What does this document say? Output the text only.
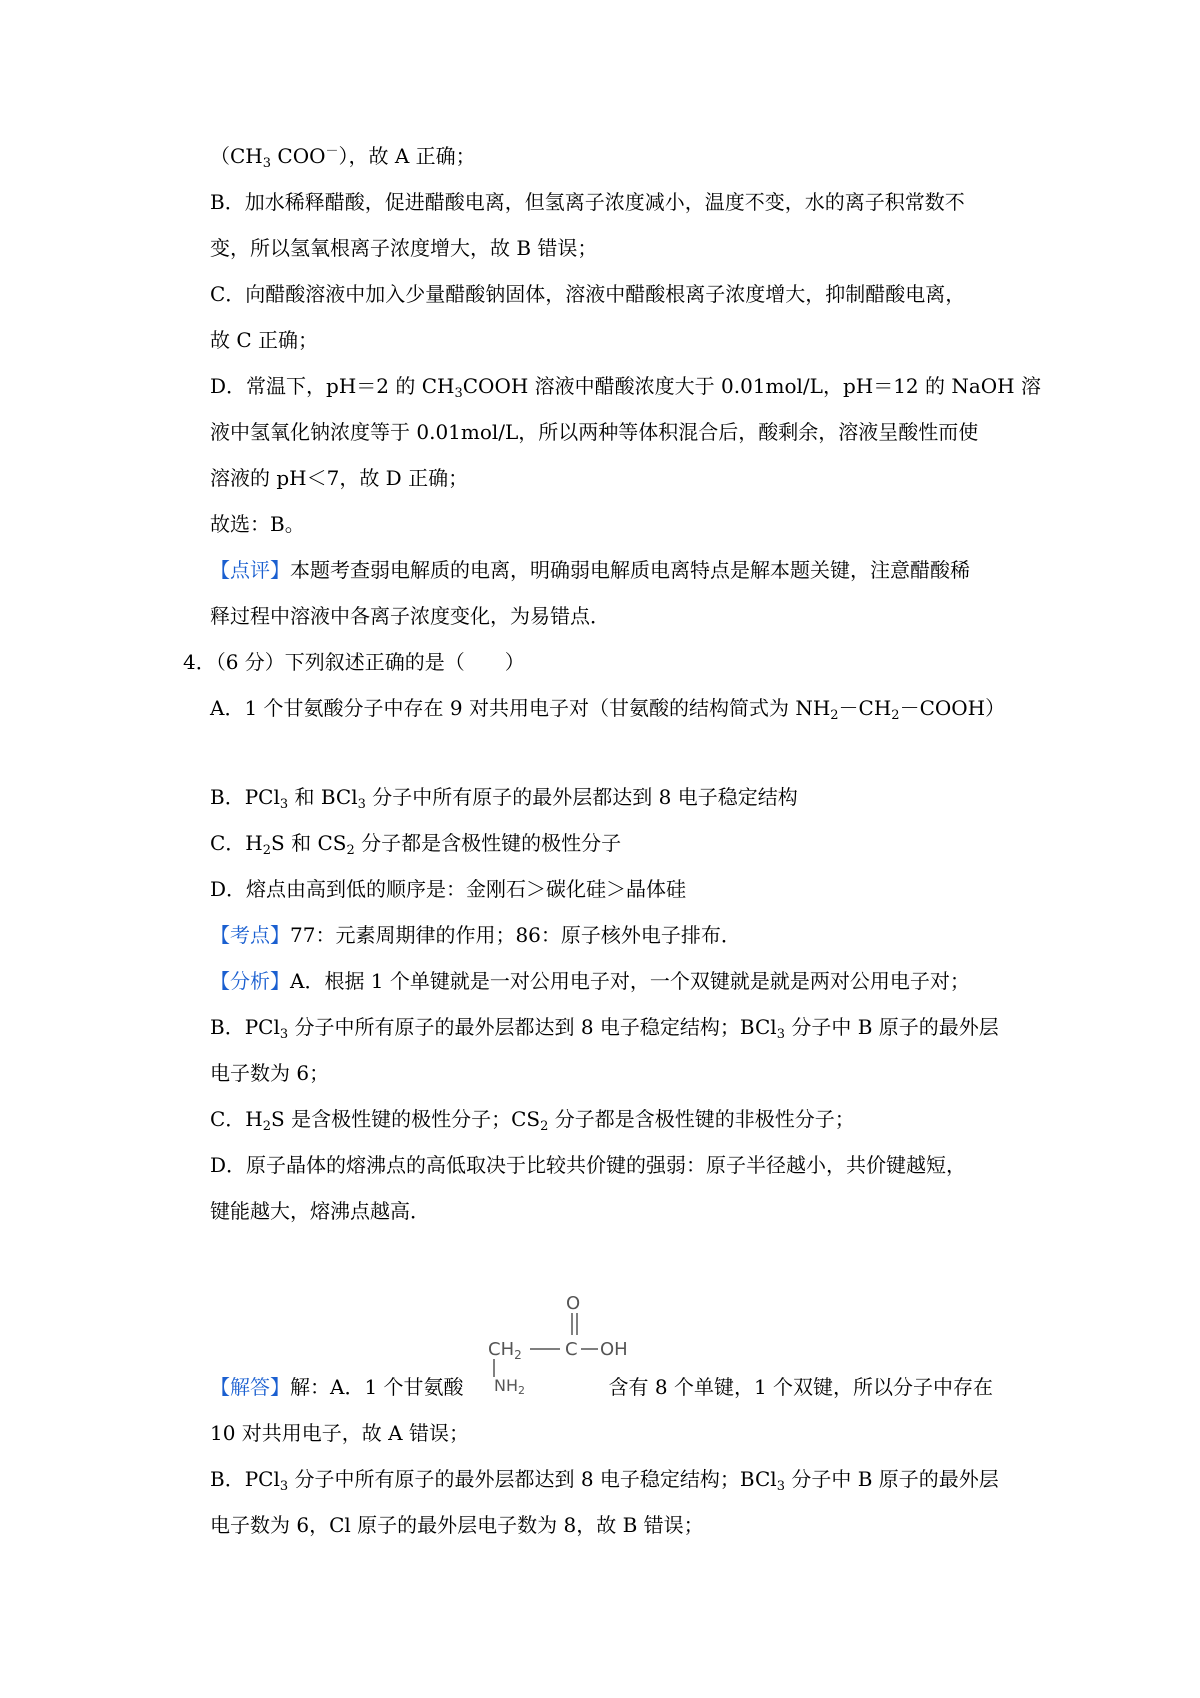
（$CH_3$ COO－），故 A 正确；
B．加水稀释醋酸，促进醋酸电离，但氢离子浓度减小，温度不变，水的离子积常数不
变，所以氢氧根离子浓度增大，故 B 错误；
C．向醋酸溶液中加入少量醋酸钠固体，溶液中醋酸根离子浓度增大，抑制醋酸电离，
故 C 正确；
D．常温下，pH＝2 的 $CH_3COOH$ 溶液中醋酸浓度大于 0.01mol/L，pH＝12 的 NaOH 溶
液中氢氧化钠浓度等于 0.01mol/L，所以两种等体积混合后，酸剩余，溶液呈酸性而使
溶液的 pH＜7，故 D 正确；
故选：B。
【点评】本题考查弱电解质的电离，明确弱电解质电离特点是解本题关键，注意醋酸稀
释过程中溶液中各离子浓度变化，为易错点．
4．（6 分）下列叙述正确的是（　　）
A．1 个甘氨酸分子中存在 9 对共用电子对（甘氨酸的结构简式为 $NH_2-CH_2-COOH$）
B．PCl$_3$ 和 BCl$_3$ 分子中所有原子的最外层都达到 8 电子稳定结构
C．$H_2S$ 和 $CS_2$ 分子都是含极性键的极性分子
D．熔点由高到低的顺序是：金刚石＞碳化硅＞晶体硅
【考点】77：元素周期律的作用；86：原子核外电子排布．
【分析】A．根据 1 个单键就是一对公用电子对，一个双键就是就是两对公用电子对；
B．PCl$_3$ 分子中所有原子的最外层都达到 8 电子稳定结构；BCl$_3$ 分子中 B 原子的最外层
电子数为 6；
C．$H_2S$ 是含极性键的极性分子；$CS_2$ 分子都是含极性键的非极性分子；
D．原子晶体的熔沸点的高低取决于比较共价键的强弱：原子半径越小，共价键越短，
键能越大，熔沸点越高．
【解答】解：A．1 个甘氨酸	含有 8 个单键，1 个双键，所以分子中存在
O
$CH_2$ C OH
NH2
10 对共用电子，故 A 错误；
B．PCl$_3$ 分子中所有原子的最外层都达到 8 电子稳定结构；BCl$_3$ 分子中 B 原子的最外层
电子数为 6，Cl 原子的最外层电子数为 8，故 B 错误；
